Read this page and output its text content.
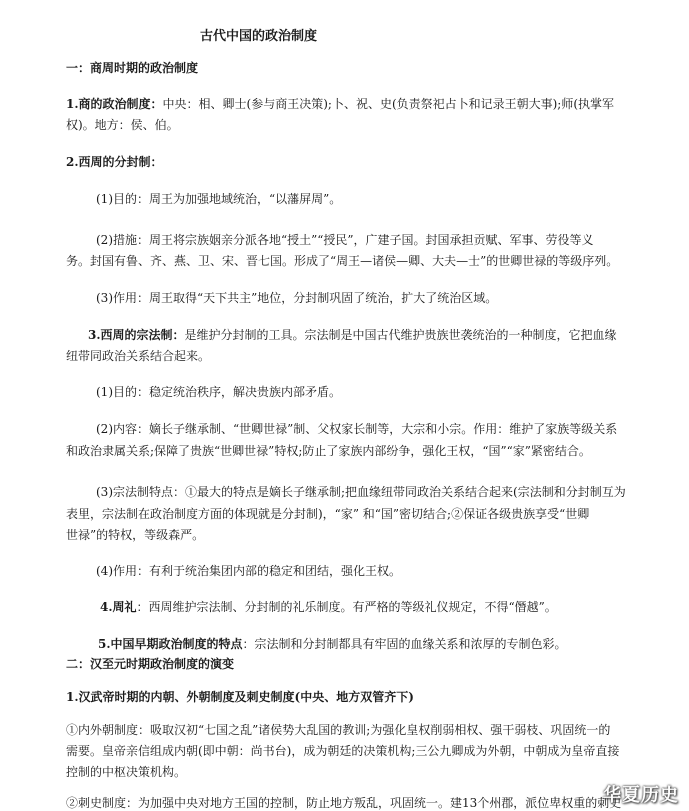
古代中国的政治制度
一：商周时期的政治制度
1.商的政治制度：中央：相、卿士(参与商王决策);卜、祝、史(负责祭祀占卜和记录王朝大事);师(执掌军
权)。地方：侯、伯。
2.西周的分封制：
(1)目的：周王为加强地域统治，“以藩屏周”。
(2)措施：周王将宗族姻亲分派各地“授土”“授民”，广建子国。封国承担贡赋、军事、劳役等义
务。封国有鲁、齐、燕、卫、宋、晋七国。形成了“周王—诸侯—卿、大夫—士”的世卿世禄的等级序列。
(3)作用：周王取得“天下共主”地位，分封制巩固了统治，扩大了统治区域。
3.西周的宗法制：是维护分封制的工具。宗法制是中国古代维护贵族世袭统治的一种制度，它把血缘
纽带同政治关系结合起来。
(1)目的：稳定统治秩序，解决贵族内部矛盾。
(2)内容：嫡长子继承制、“世卿世禄”制、父权家长制等，大宗和小宗。作用：维护了家族等级关系
和政治隶属关系;保障了贵族“世卿世禄”特权;防止了家族内部纷争，强化王权，“国”“家”紧密结合。
(3)宗法制特点：①最大的特点是嫡长子继承制;把血缘纽带同政治关系结合起来(宗法制和分封制互为
表里，宗法制在政治制度方面的体现就是分封制)，“家” 和“国”密切结合;②保证各级贵族享受“世卿
世禄”的特权，等级森严。
(4)作用：有利于统治集团内部的稳定和团结，强化王权。
4.周礼：西周维护宗法制、分封制的礼乐制度。有严格的等级礼仪规定，不得“僭越”。
5.中国早期政治制度的特点：宗法制和分封制都具有牢固的血缘关系和浓厚的专制色彩。
二：汉至元时期政治制度的演变
1.汉武帝时期的内朝、外朝制度及刺史制度(中央、地方双管齐下)
①内外朝制度：吸取汉初“七国之乱”诸侯势大乱国的教训;为强化皇权削弱相权、强干弱枝、巩固统一的
需要。皇帝亲信组成内朝(即中朝：尚书台)，成为朝廷的决策机构;三公九卿成为外朝，中朝成为皇帝直接
控制的中枢决策机构。
②刺史制度：为加强中央对地方王国的控制，防止地方叛乱，巩固统一。建13个州郡，派位卑权重的刺史
华夏历史
